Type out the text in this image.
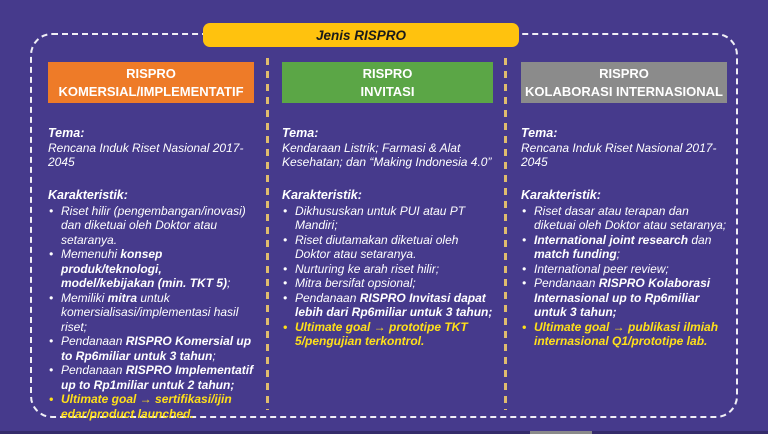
Jenis RISPRO
RISPRO
KOMERSIAL/IMPLEMENTATIF
Tema:
Rencana Induk Riset Nasional 2017-2045
Karakteristik:
• Riset hilir (pengembangan/inovasi) dan diketuai oleh Doktor atau setaranya.
• Memenuhi konsep produk/teknologi, model/kebijakan (min. TKT 5);
• Memiliki mitra untuk komersialisasi/implementasi hasil riset;
• Pendanaan RISPRO Komersial up to Rp6miliar untuk 3 tahun;
• Pendanaan RISPRO Implementatif up to Rp1miliar untuk 2 tahun;
• Ultimate goal → sertifikasi/ijin edar/product launched.
RISPRO
INVITASI
Tema:
Kendaraan Listrik; Farmasi & Alat Kesehatan; dan “Making Indonesia 4.0”
Karakteristik:
• Dikhususkan untuk PUI atau PT Mandiri;
• Riset diutamakan diketuai oleh Doktor atau setaranya.
• Nurturing ke arah riset hilir;
• Mitra bersifat opsional;
• Pendanaan RISPRO Invitasi dapat lebih dari Rp6miliar untuk 3 tahun;
• Ultimate goal → prototipe TKT 5/pengujian terkontrol.
RISPRO
KOLABORASI INTERNASIONAL
Tema:
Rencana Induk Riset Nasional 2017-2045
Karakteristik:
• Riset dasar atau terapan dan diketuai oleh Doktor atau setaranya;
• International joint research dan match funding;
• International peer review;
• Pendanaan RISPRO Kolaborasi Internasional up to Rp6miliar untuk 3 tahun;
• Ultimate goal → publikasi ilmiah internasional Q1/prototipe lab.
